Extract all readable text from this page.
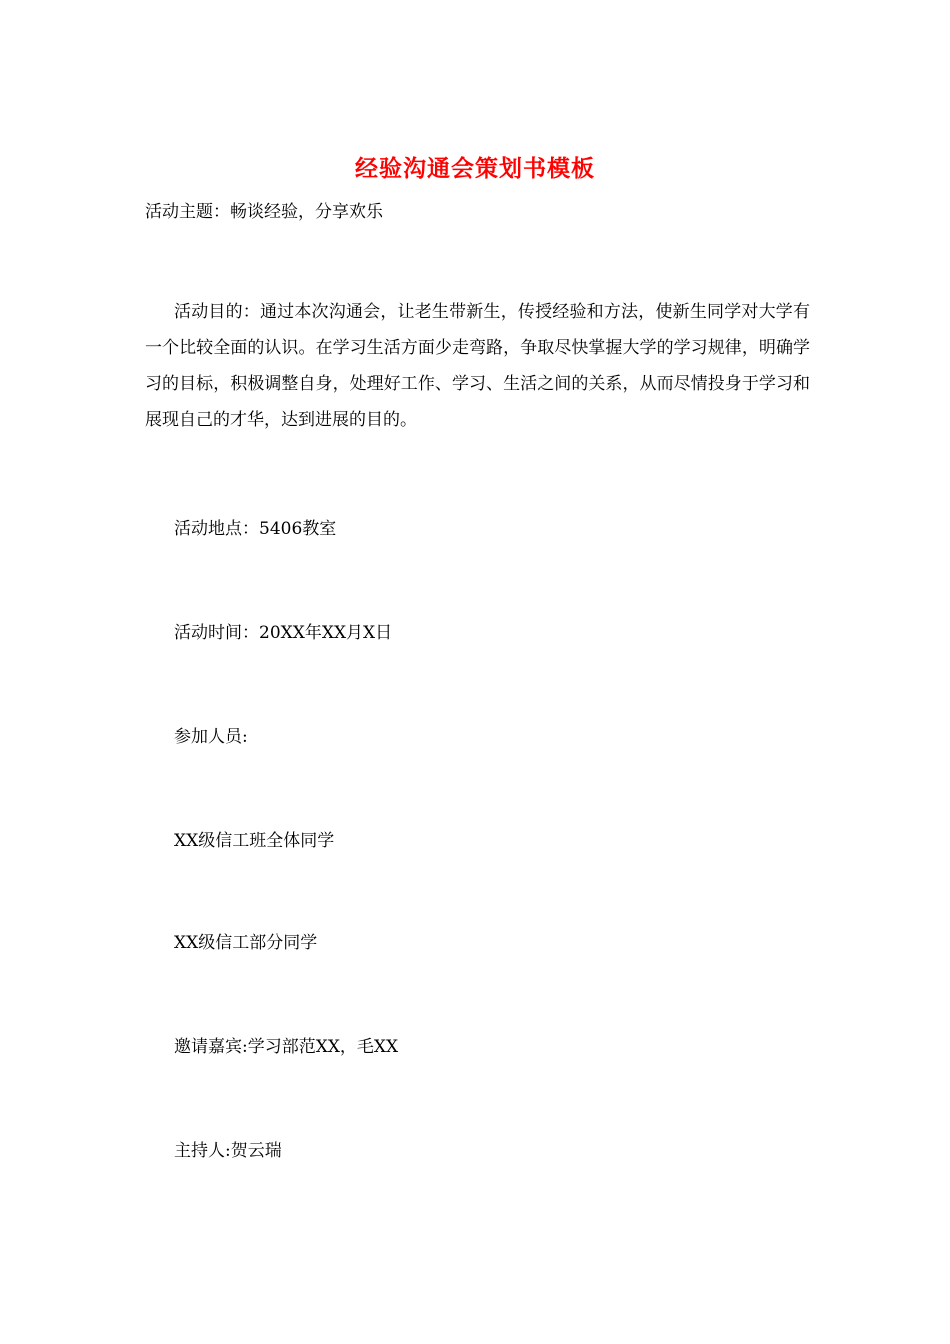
经验沟通会策划书模板
活动主题：畅谈经验，分享欢乐

活动目的：通过本次沟通会，让老生带新生，传授经验和方法，使新生同学对大学有一个比较全面的认识。在学习生活方面少走弯路，争取尽快掌握大学的学习规律，明确学习的目标，积极调整自身，处理好工作、学习、生活之间的关系，从而尽情投身于学习和展现自己的才华，达到进展的目的。

活动地点：5406教室
活动时间：20XX年XX月X日
参加人员:
XX级信工班全体同学
XX级信工部分同学
邀请嘉宾:学习部范XX，毛XX
主持人:贺云瑞
